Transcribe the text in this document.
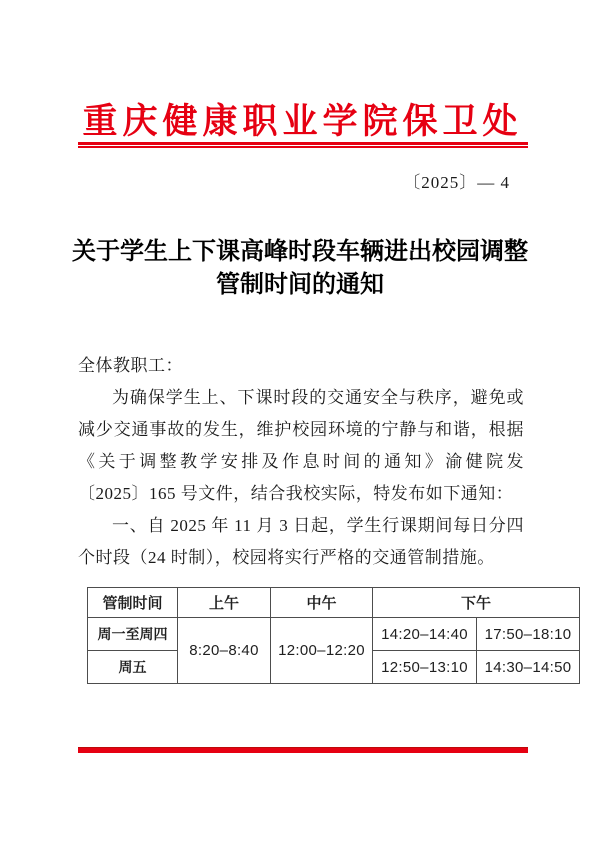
重庆健康职业学院保卫处
〔2025〕— 4
关于学生上下课高峰时段车辆进出校园调整
管制时间的通知

全体教职工：

为确保学生上、下课时段的交通安全与秩序，避免或减少交通事故的发生，维护校园环境的宁静与和谐，根据《关于调整教学安排及作息时间的通知》渝健院发〔2025〕165 号文件，结合我校实际，特发布如下通知：

一、自 2025 年 11 月 3 日起，学生行课期间每日分四个时段（24 时制），校园将实行严格的交通管制措施。

管制时间	上午	中午	下午	
周一至周四	8:20–8:40	12:00–12:20	14:20–14:40	17:50–18:10
周五			12:50–13:10	14:30–14:50
